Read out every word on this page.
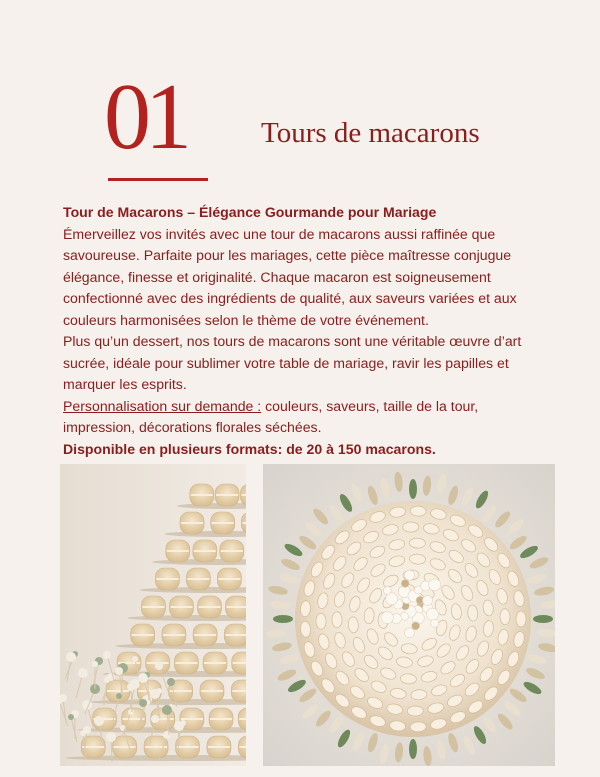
01	Tours de macarons

Tour de Macarons – Élégance Gourmande pour Mariage

Émerveillez vos invités avec une tour de macarons aussi raffinée que savoureuse. Parfaite pour les mariages, cette pièce maîtresse conjugue élégance, finesse et originalité. Chaque macaron est soigneusement confectionné avec des ingrédients de qualité, aux saveurs variées et aux couleurs harmonisées selon le thème de votre événement.

Plus qu’un dessert, nos tours de macarons sont une véritable œuvre d’art sucrée, idéale pour sublimer votre table de mariage, ravir les papilles et marquer les esprits.

Personnalisation sur demande : couleurs, saveurs, taille de la tour, impression, décorations florales séchées.

Disponible en plusieurs formats: de 20 à 150 macarons.
